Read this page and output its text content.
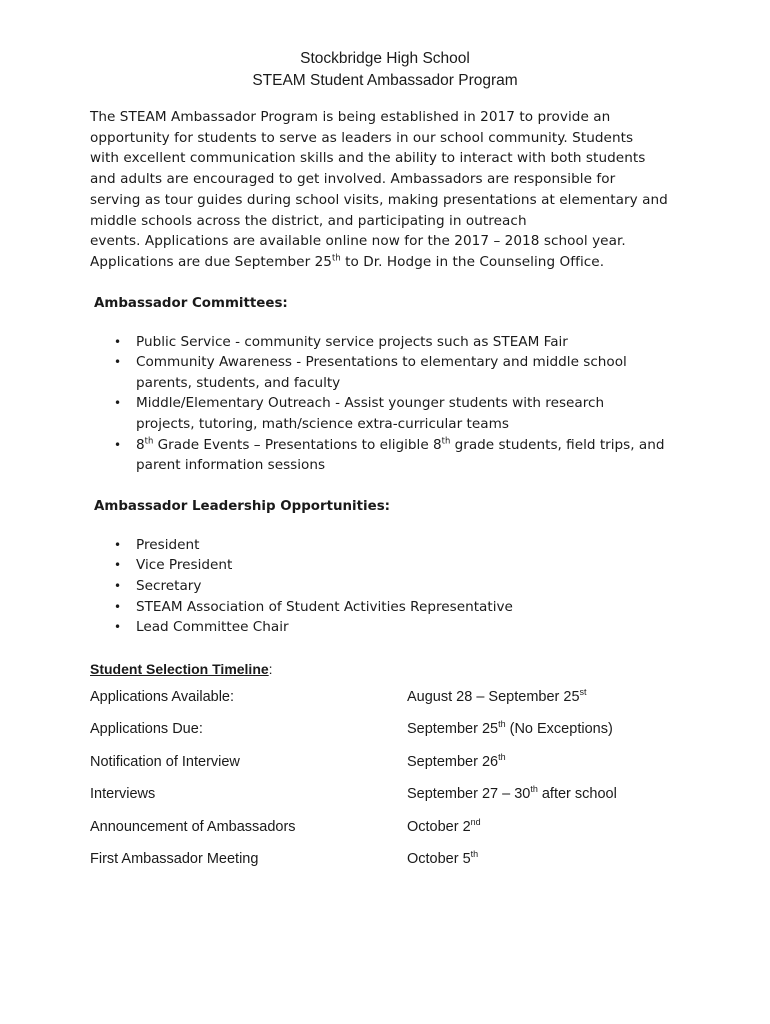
Stockbridge High School
STEAM Student Ambassador Program

The STEAM Ambassador Program is being established in 2017 to provide an

opportunity for students to serve as leaders in our school community. Students

with excellent communication skills and the ability to interact with both students

and adults are encouraged to get involved. Ambassadors are responsible for

serving as tour guides during school visits, making presentations at elementary and

middle schools across the district, and participating in outreach

events. Applications are available online now for the 2017 – 2018 school year.

Applications are due September 25th to Dr. Hodge in the Counseling Office.

Ambassador Committees:
• Public Service - community service projects such as STEAM Fair
• Community Awareness - Presentations to elementary and middle school
parents, students, and faculty
• Middle/Elementary Outreach - Assist younger students with research
projects, tutoring, math/science extra-curricular teams
• 8th Grade Events – Presentations to eligible 8th grade students, field trips, and
parent information sessions
Ambassador Leadership Opportunities:
• President
• Vice President
• Secretary
• STEAM Association of Student Activities Representative
• Lead Committee Chair
Student Selection Timeline:
Applications Available:	August 28 – September 25st
Applications Due:	September 25th (No Exceptions)
Notification of Interview	September 26th
Interviews	September 27 – 30th after school
Announcement of Ambassadors	October 2nd
First Ambassador Meeting	October 5th
